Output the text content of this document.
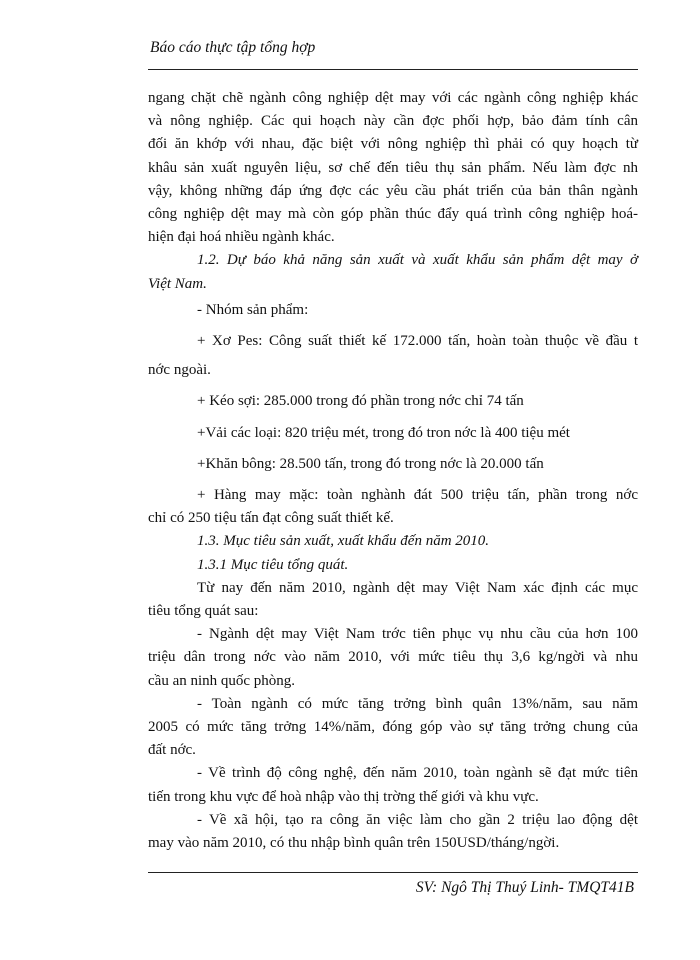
Báo cáo thực tập tổng hợp

ngang chặt chẽ ngành công nghiệp dệt may với các ngành công nghiệp khác

và nông nghiệp. Các qui hoạch này cần đợc phối hợp, bảo đảm tính cân

đối ăn khớp với nhau, đặc biệt với nông nghiệp thì phải có quy hoạch từ

khâu sản xuất nguyên liệu, sơ chế đến tiêu thụ sản phẩm. Nếu làm đợc nh

vậy, không những đáp ứng đợc các yêu cầu phát triển của bản thân ngành

công nghiệp dệt may mà còn góp phần thúc đẩy quá trình công nghiệp hoá-

hiện đại hoá nhiều ngành khác.

1.2. Dự báo khả năng sản xuất và xuất khẩu sản phẩm dệt may ở

Việt Nam.

- Nhóm sản phẩm:

+ Xơ Pes: Công suất thiết kế 172.000 tấn, hoàn toàn thuộc về đầu t

nớc ngoài.

+ Kéo sợi: 285.000 trong đó phần trong nớc chỉ 74 tấn

+Vải các loại: 820 triệu mét, trong đó tron nớc là 400 tiệu mét

+Khăn bông: 28.500 tấn, trong đó trong nớc là 20.000 tấn

+ Hàng may mặc: toàn nghành đát 500 triệu tấn, phần trong nớc

chỉ có 250 tiệu tấn đạt công suất thiết kế.

1.3. Mục tiêu sản xuất, xuất khẩu đến năm 2010.

1.3.1 Mục tiêu tổng quát.

Từ nay đến năm 2010, ngành dệt may Việt Nam xác định các mục

tiêu tổng quát sau:

- Ngành dệt may Việt Nam trớc tiên phục vụ nhu cầu của hơn 100

triệu dân trong nớc vào năm 2010, với mức tiêu thụ 3,6 kg/ngời và nhu

cầu an ninh quốc phòng.

- Toàn ngành có mức tăng trởng bình quân 13%/năm, sau năm

2005 có mức tăng trởng 14%/năm, đóng góp vào sự tăng trởng chung của

đất nớc.

- Về trình độ công nghệ, đến năm 2010, toàn ngành sẽ đạt mức tiên

tiến trong khu vực để hoà nhập vào thị trờng thế giới và khu vực.

- Về xã hội, tạo ra công ăn việc làm cho gần 2 triệu lao động dệt

may vào năm 2010, có thu nhập bình quân trên 150USD/tháng/ngời.

SV: Ngô Thị Thuý Linh- TMQT41B
